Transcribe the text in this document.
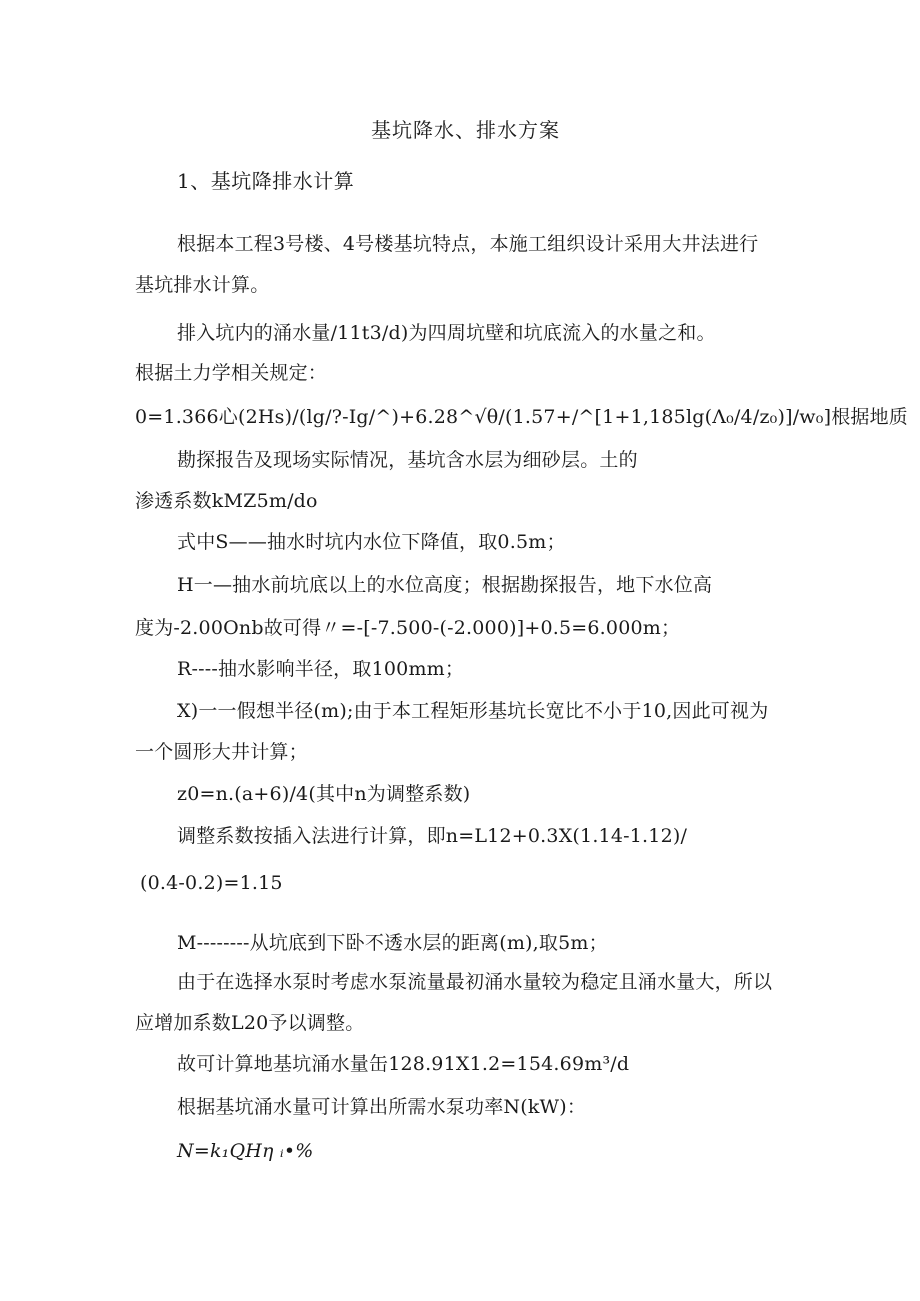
基坑降水、排水方案
1、基坑降排水计算
根据本工程3号楼、4号楼基坑特点，本施工组织设计采用大井法进行
基坑排水计算。
排入坑内的涌水量/11t3/d)为四周坑壁和坑底流入的水量之和。
根据土力学相关规定：
0=1.366心(2Hs)/(lg/?-Ig/^)+6.28^√θ/(1.57+/^[1+1,185lg(Λ₀/4/z₀)]/w₀]根据地质
勘探报告及现场实际情况，基坑含水层为细砂层。土的
渗透系数kMZ5m/do
式中S——抽水时坑内水位下降值，取0.5m；
H一—抽水前坑底以上的水位高度；根据勘探报告，地下水位高
度为-2.00Onb故可得〃=-[-7.500-(-2.000)]+0.5=6.000m；
R----抽水影响半径，取100mm；
X)一一假想半径(m);由于本工程矩形基坑长宽比不小于10,因此可视为
一个圆形大井计算；
z0=n.(a+6)/4(其中n为调整系数)
调整系数按插入法进行计算，即n=L12+0.3X(1.14-1.12)/
(0.4-0.2)=1.15
M--------从坑底到下卧不透水层的距离(m),取5m；
由于在选择水泵时考虑水泵流量最初涌水量较为稳定且涌水量大，所以
应增加系数L20予以调整。
故可计算地基坑涌水量缶128.91X1.2=154.69m³/d
根据基坑涌水量可计算出所需水泵功率N(kW)：
N=k₁QHη ᵢ•%
